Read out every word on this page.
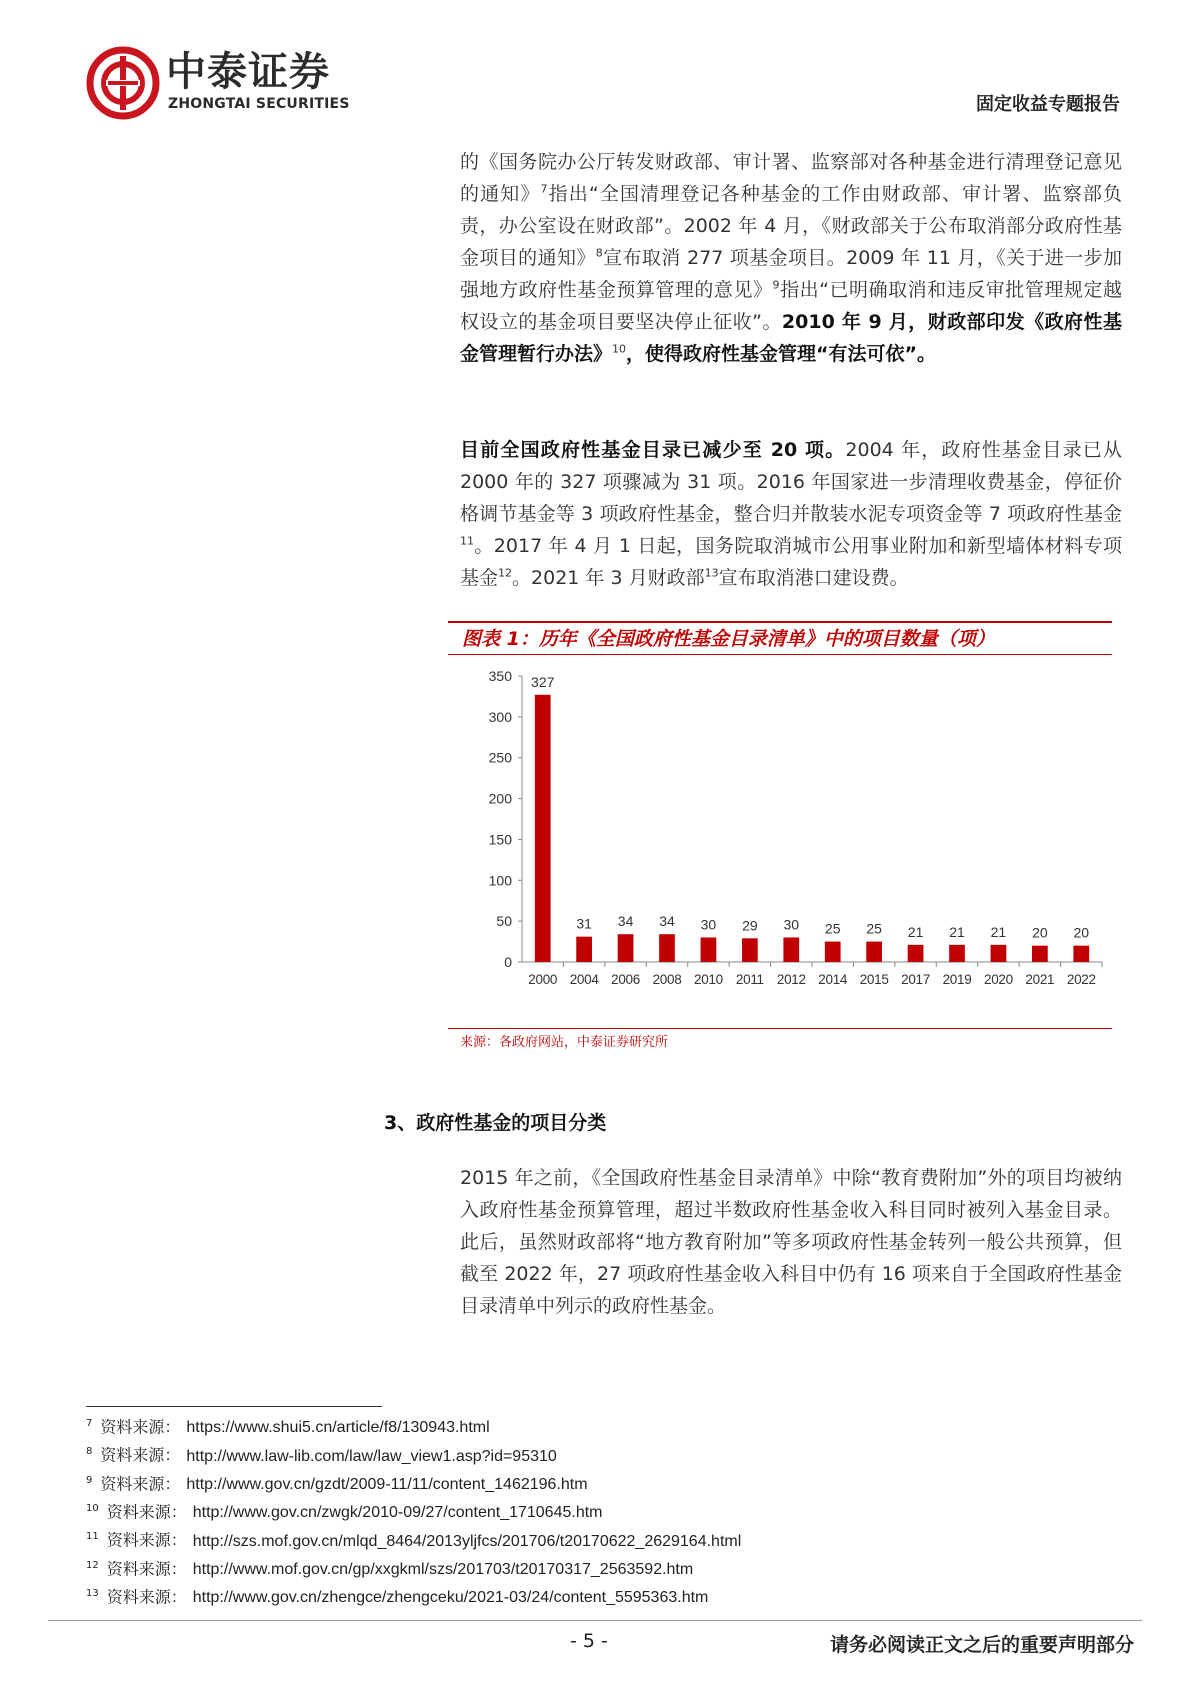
中泰证券
ZHONGTAI SECURITIES	固定收益专题报告
的《国务院办公厅转发财政部、审计署、监察部对各种基金进行清理登记意见的通知》$^7$指出“全国清理登记各种基金的工作由财政部、审计署、监察部负责，办公室设在财政部”。2002 年 4 月，《财政部关于公布取消部分政府性基金项目的通知》$^8$宣布取消 277 项基金项目。2009 年 11 月，《关于进一步加强地方政府性基金预算管理的意见》$^9$指出“已明确取消和违反审批管理规定越权设立的基金项目要坚决停止征收”。2010 年 9 月，财政部印发《政府性基金管理暂行办法》$^{10}$，使得政府性基金管理“有法可依”。
目前全国政府性基金目录已减少至 20 项。2004 年，政府性基金目录已从 2000 年的 327 项骤减为 31 项。2016 年国家进一步清理收费基金，停征价格调节基金等 3 项政府性基金，整合归并散装水泥专项资金等 7 项政府性基金$^{11}$。2017 年 4 月 1 日起，国务院取消城市公用事业附加和新型墙体材料专项基金$^{12}$。2021 年 3 月财政部$^{13}$宣布取消港口建设费。
图表 1：历年《全国政府性基金目录清单》中的项目数量（项）
0
50
100
150
200
250
300
350 327
2000
31
2004
34
2006
34
2008
30
2010
29
2011
30
2012
25
2014
25
2015
21
2017
21
2019
21
2020
20
2021
20
2022
来源：各政府网站，中泰证券研究所
3、政府性基金的项目分类
2015 年之前，《全国政府性基金目录清单》中除“教育费附加”外的项目均被纳入政府性基金预算管理，超过半数政府性基金收入科目同时被列入基金目录。此后，虽然财政部将“地方教育附加”等多项政府性基金转列一般公共预算，但截至 2022 年，27 项政府性基金收入科目中仍有 16 项来自于全国政府性基金目录清单中列示的政府性基金。
$^7$ 资料来源： https://www.shui5.cn/article/f8/130943.html
$^8$ 资料来源： http://www.law-lib.com/law/law_view1.asp?id=95310
$^9$ 资料来源： http://www.gov.cn/gzdt/2009-11/11/content_1462196.htm
$^{10}$ 资料来源： http://www.gov.cn/zwgk/2010-09/27/content_1710645.htm
$^{11}$ 资料来源： http://szs.mof.gov.cn/mlqd_8464/2013yljfcs/201706/t20170622_2629164.html
$^{12}$ 资料来源： http://www.mof.gov.cn/gp/xxgkml/szs/201703/t20170317_2563592.htm
$^{13}$ 资料来源： http://www.gov.cn/zhengce/zhengceku/2021-03/24/content_5595363.htm
- 5 -	请务必阅读正文之后的重要声明部分
